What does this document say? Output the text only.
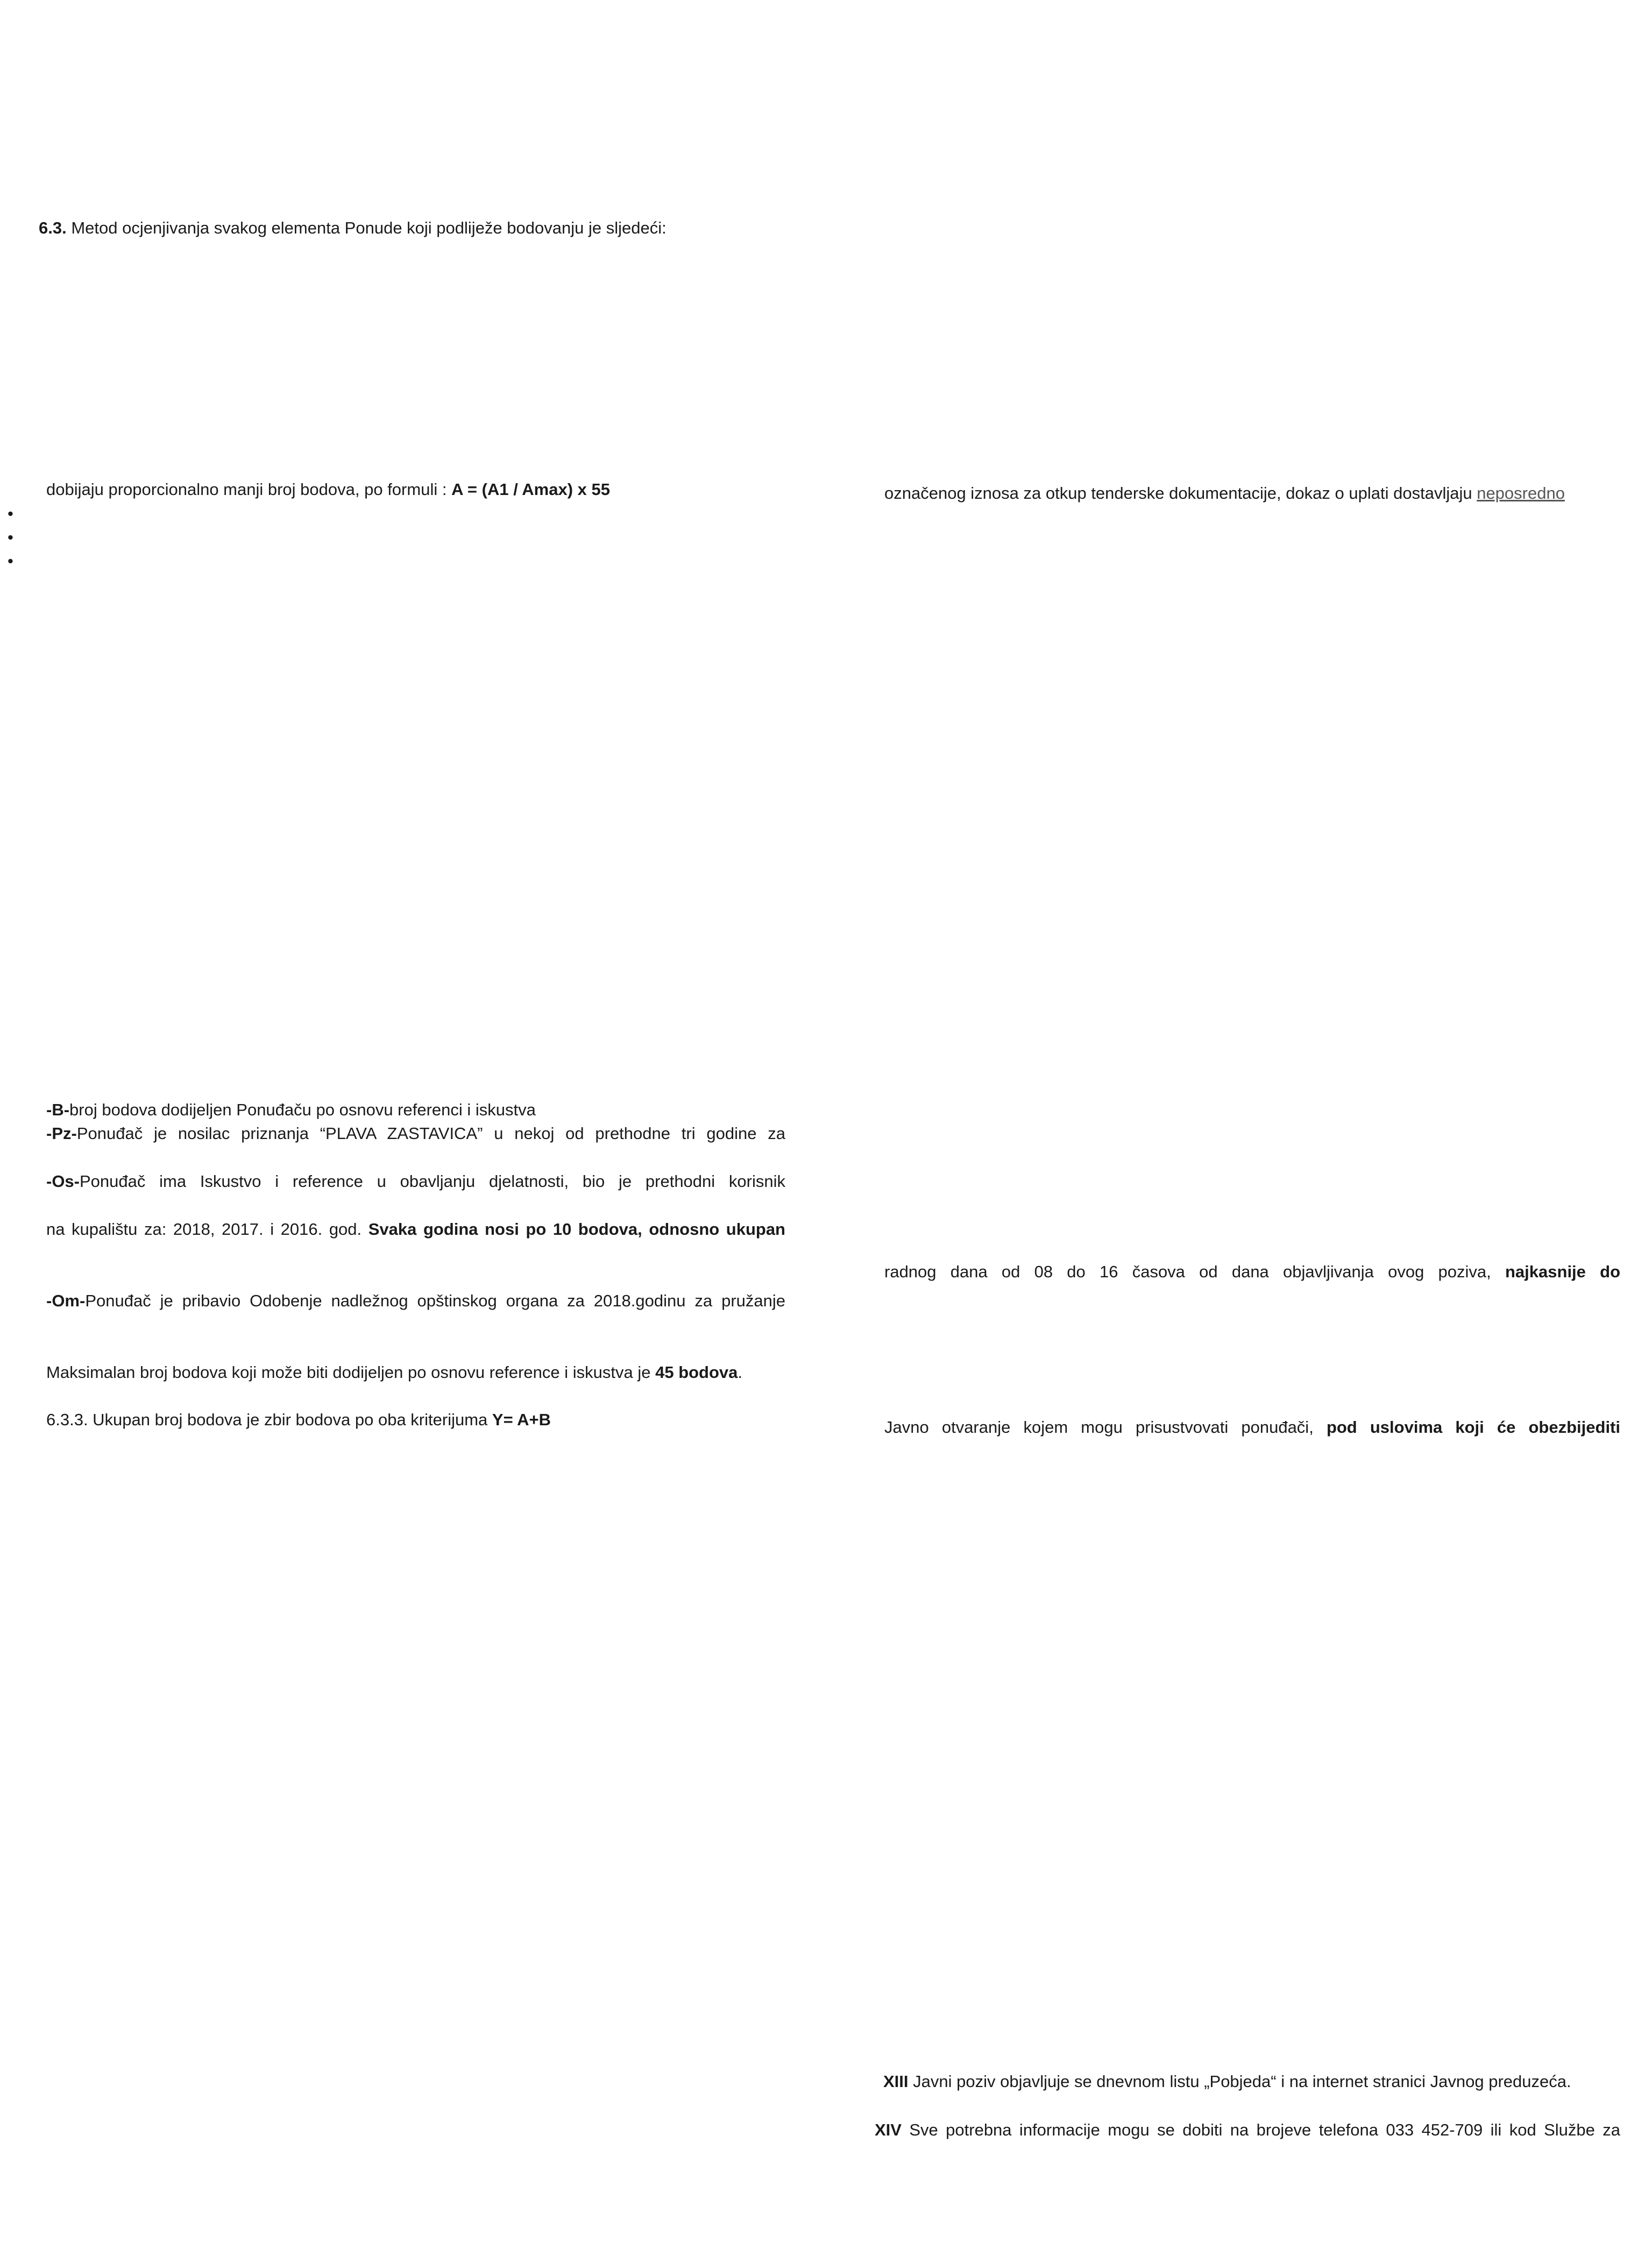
6.3. Metod ocjenjivanja svakog elementa Ponude koji podliježe bodovanju je sljedeći:
dobijaju proporcionalno manji broj bodova, po formuli : A = (A1 / Amax) x 55
•
•
•
-B-broj bodova dodijeljen Ponuđaču po osnovu referenci i iskustva
-Pz-Ponuđač je nosilac priznanja “PLAVA ZASTAVICA” u nekoj od prethodne tri godine za
-Os-Ponuđač ima Iskustvo i reference u obavljanju djelatnosti, bio je prethodni korisnik
na kupalištu za: 2018, 2017. i 2016. god. Svaka godina nosi po 10 bodova, odnosno ukupan
-Om-Ponuđač je pribavio Odobenje nadležnog opštinskog organa za 2018.godinu za pružanje
Maksimalan broj bodova koji može biti dodijeljen po osnovu reference i iskustva je 45 bodova.
6.3.3. Ukupan broj bodova je zbir bodova po oba kriterijuma Y= A+B
označenog iznosa za otkup tenderske dokumentacije, dokaz o uplati dostavljaju neposredno
radnog dana od 08 do 16 časova od dana objavljivanja ovog poziva, najkasnije do
Javno otvaranje kojem mogu prisustvovati ponuđači, pod uslovima koji će obezbijediti
XIII Javni poziv objavljuje se dnevnom listu „Pobjeda“ i na internet stranici Javnog preduzeća.
XIV Sve potrebna informacije mogu se dobiti na brojeve telefona 033 452-709 ili kod Službe za
